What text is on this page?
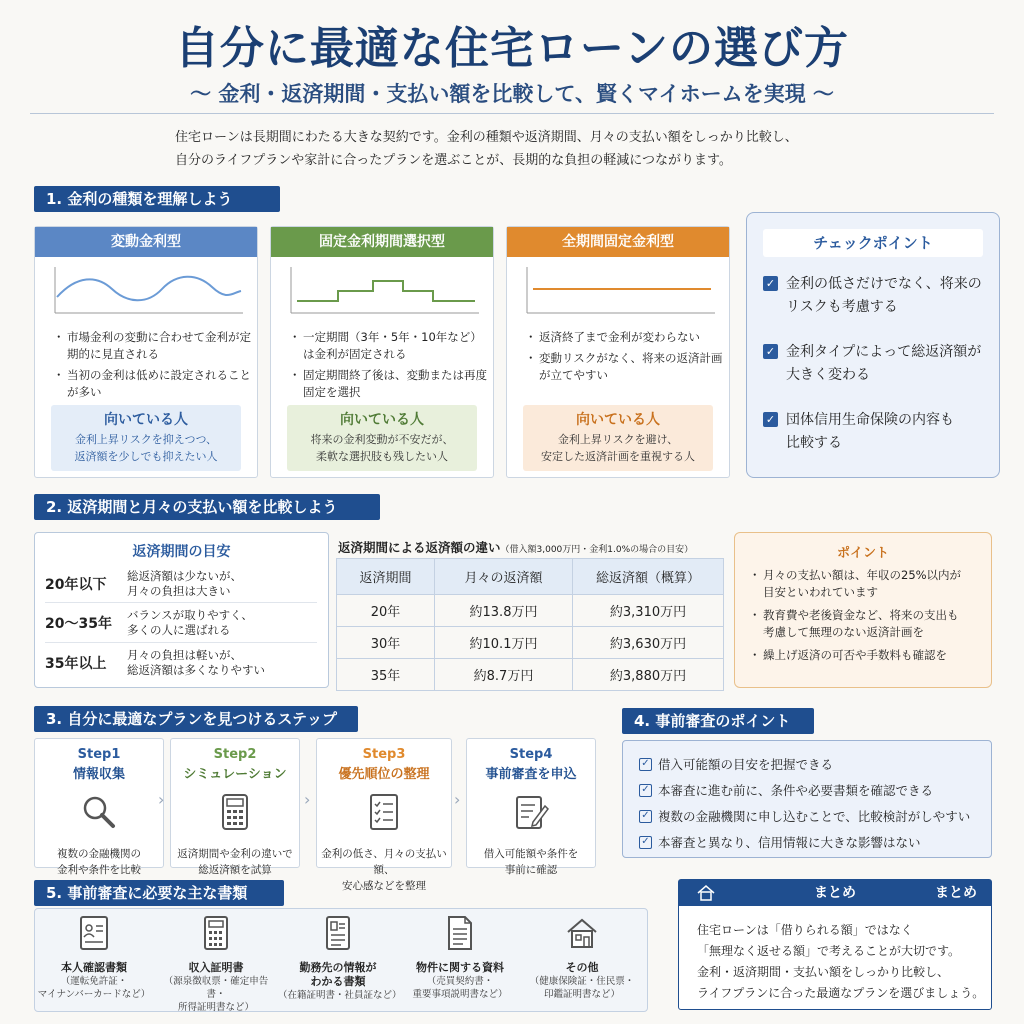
自分に最適な住宅ローンの選び方
〜 金利・返済期間・支払い額を比較して、賢くマイホームを実現 〜
住宅ローンは長期間にわたる大きな契約です。金利の種類や返済期間、月々の支払い額をしっかり比較し、
自分のライフプランや家計に合ったプランを選ぶことが、長期的な負担の軽減につながります。
1. 金利の種類を理解しよう
変動金利型
・ 市場金利の変動に合わせて金利が定期的に見直される
・ 当初の金利は低めに設定されることが多い
向いている人
金利上昇リスクを抑えつつ、
返済額を少しでも抑えたい人
固定金利期間選択型
・ 一定期間（3年・5年・10年など）は金利が固定される
・ 固定期間終了後は、変動または再度固定を選択
向いている人
将来の金利変動が不安だが、
柔軟な選択肢も残したい人
全期間固定金利型
・ 返済終了まで金利が変わらない
・ 変動リスクがなく、将来の返済計画が立てやすい
向いている人
金利上昇リスクを避け、
安定した返済計画を重視する人
チェックポイント
✓ 金利の低さだけでなく、将来の
リスクも考慮する
✓ 金利タイプによって総返済額が
大きく変わる
✓ 団体信用生命保険の内容も
比較する
2. 返済期間と月々の支払い額を比較しよう
返済期間の目安
20年以下
総返済額は少ないが、
月々の負担は大きい
20〜35年
バランスが取りやすく、
多くの人に選ばれる
35年以上
月々の負担は軽いが、
総返済額は多くなりやすい
返済期間による返済額の違い（借入額3,000万円・金利1.0%の場合の目安）
返済期間	月々の返済額	総返済額（概算）
20年	約13.8万円	約3,310万円
30年	約10.1万円	約3,630万円
35年	約8.7万円	約3,880万円
ポイント
・ 月々の支払い額は、年収の25%以内が
目安といわれています
・ 教育費や老後資金など、将来の支出も
考慮して無理のない返済計画を
・ 繰上げ返済の可否や手数料も確認を
3. 自分に最適なプランを見つけるステップ
Step1
情報収集
複数の金融機関の
金利や条件を比較
›
Step2
シミュレーション
返済期間や金利の違いで
総返済額を試算
›
Step3
優先順位の整理
金利の低さ、月々の支払い額、
安心感などを整理
›
Step4
事前審査を申込
借入可能額や条件を
事前に確認
4. 事前審査のポイント
✓ 借入可能額の目安を把握できる
✓ 本審査に進む前に、条件や必要書類を確認できる
✓ 複数の金融機関に申し込むことで、比較検討がしやすい
✓ 本審査と異なり、信用情報に大きな影響はない
5. 事前審査に必要な主な書類
本人確認書類
（運転免許証・
マイナンバーカードなど）
収入証明書
（源泉徴収票・確定申告書・
所得証明書など）
勤務先の情報が
わかる書類
（在籍証明書・社員証など）
物件に関する資料
（売買契約書・
重要事項説明書など）
その他
（健康保険証・住民票・
印鑑証明書など）
まとめ	まとめ
住宅ローンは「借りられる額」ではなく
「無理なく返せる額」で考えることが大切です。
金利・返済期間・支払い額をしっかり比較し、
ライフプランに合った最適なプランを選びましょう。
